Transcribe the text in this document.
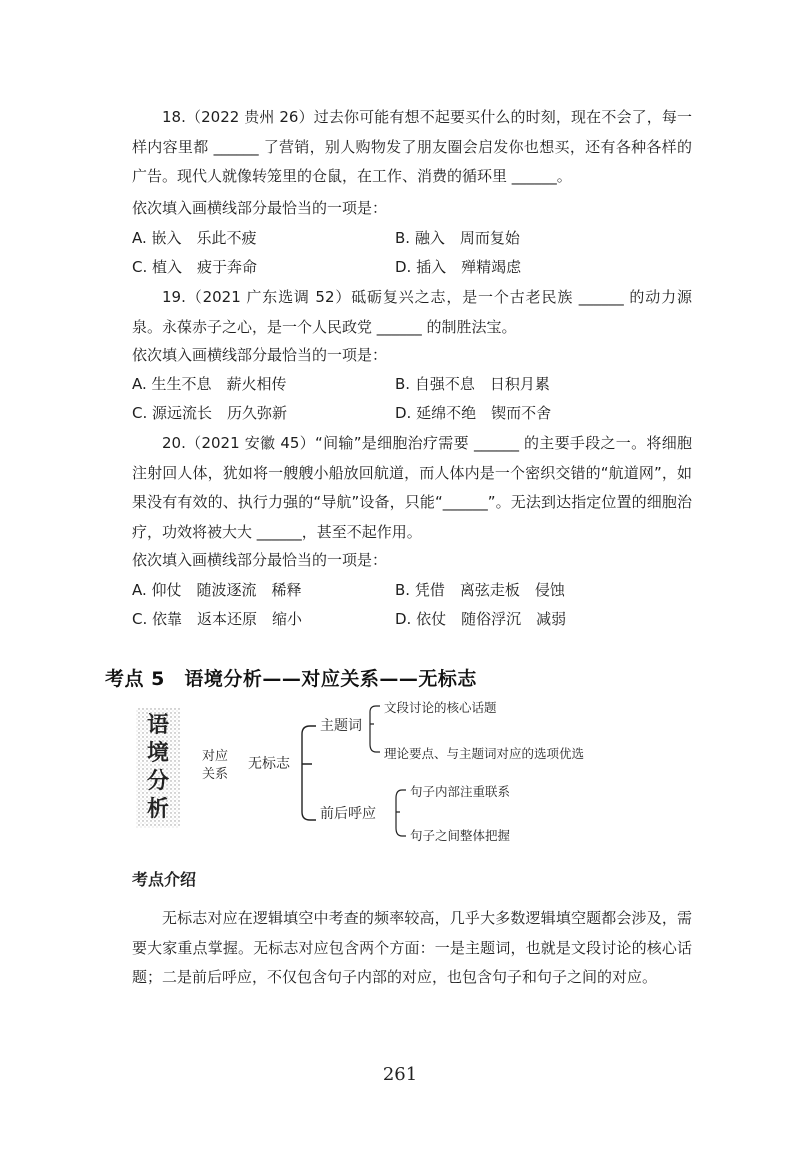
18.（2022 贵州 26）过去你可能有想不起要买什么的时刻，现在不会了，每一样内容里都 ______ 了营销，别人购物发了朋友圈会启发你也想买，还有各种各样的广告。现代人就像转笼里的仓鼠，在工作、消费的循环里 ______。

依次填入画横线部分最恰当的一项是：
A. 嵌入　乐此不疲	B. 融入　周而复始
C. 植入　疲于奔命	D. 插入　殚精竭虑

19.（2021 广东选调 52）砥砺复兴之志，是一个古老民族 ______ 的动力源泉。永葆赤子之心，是一个人民政党 ______ 的制胜法宝。

依次填入画横线部分最恰当的一项是：
A. 生生不息　薪火相传	B. 自强不息　日积月累
C. 源远流长　历久弥新	D. 延绵不绝　锲而不舍

20.（2021 安徽 45）“间输”是细胞治疗需要 ______ 的主要手段之一。将细胞注射回人体，犹如将一艘艘小船放回航道，而人体内是一个密织交错的“航道网”，如果没有有效的、执行力强的“导航”设备，只能“______”。无法到达指定位置的细胞治疗，功效将被大大 ______，甚至不起作用。

依次填入画横线部分最恰当的一项是：
A. 仰仗　随波逐流　稀释	B. 凭借　离弦走板　侵蚀
C. 依靠　返本还原　缩小	D. 依仗　随俗浮沉　减弱
考点 5　语境分析——对应关系——无标志
语
境
分
析
对应
关系
无标志
主题词
前后呼应
文段讨论的核心话题
理论要点、与主题词对应的选项优选
句子内部注重联系
句子之间整体把握
考点介绍

无标志对应在逻辑填空中考查的频率较高，几乎大多数逻辑填空题都会涉及，需要大家重点掌握。无标志对应包含两个方面：一是主题词，也就是文段讨论的核心话题；二是前后呼应，不仅包含句子内部的对应，也包含句子和句子之间的对应。

261
